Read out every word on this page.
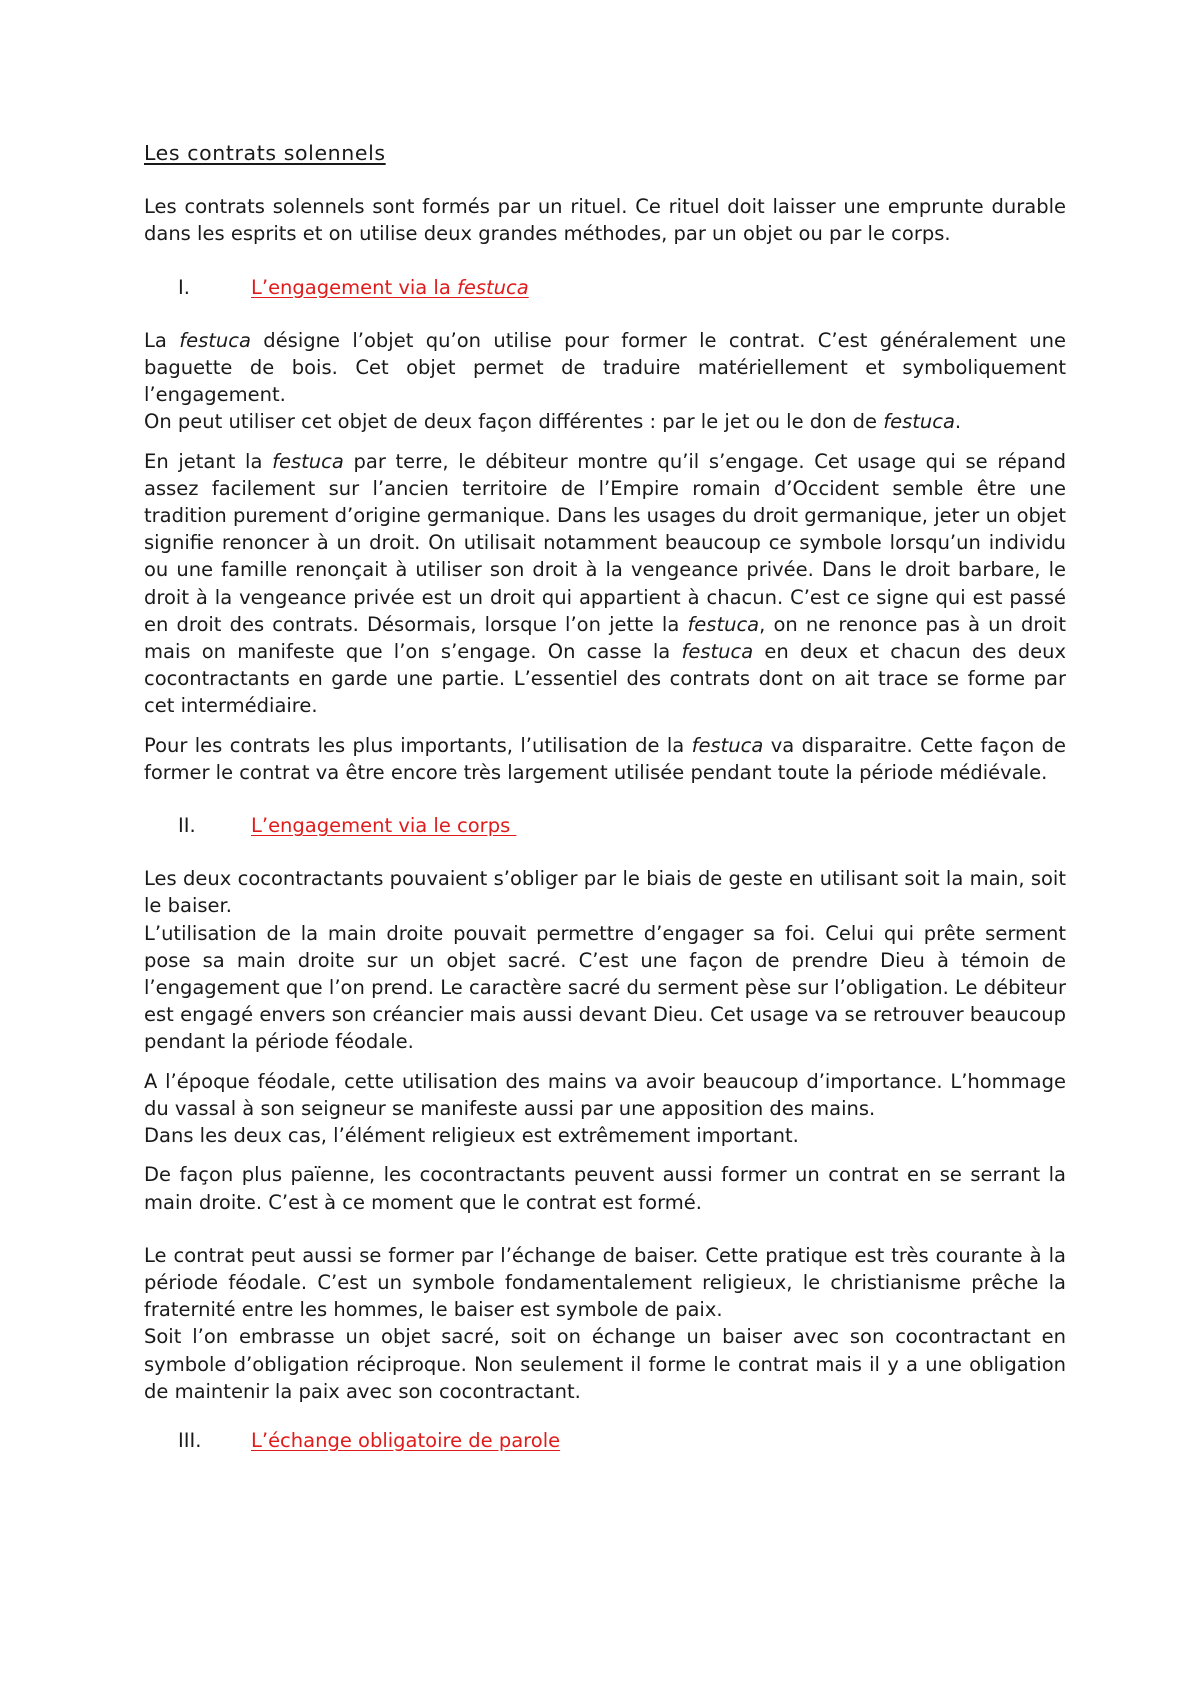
Les contrats solennels

Les contrats solennels sont formés par un rituel. Ce rituel doit laisser une emprunte durable dans les esprits et on utilise deux grandes méthodes, par un objet ou par le corps.

I.	L’engagement via la festuca

La festuca désigne l’objet qu’on utilise pour former le contrat. C’est généralement une baguette de bois. Cet objet permet de traduire matériellement et symboliquement l’engagement.

On peut utiliser cet objet de deux façon différentes : par le jet ou le don de festuca.

En jetant la festuca par terre, le débiteur montre qu’il s’engage. Cet usage qui se répand assez facilement sur l’ancien territoire de l’Empire romain d’Occident semble être une tradition purement d’origine germanique. Dans les usages du droit germanique, jeter un objet signifie renoncer à un droit. On utilisait notamment beaucoup ce symbole lorsqu’un individu ou une famille renonçait à utiliser son droit à la vengeance privée. Dans le droit barbare, le droit à la vengeance privée est un droit qui appartient à chacun. C’est ce signe qui est passé en droit des contrats. Désormais, lorsque l’on jette la festuca, on ne renonce pas à un droit mais on manifeste que l’on s’engage. On casse la festuca en deux et chacun des deux cocontractants en garde une partie. L’essentiel des contrats dont on ait trace se forme par cet intermédiaire.

Pour les contrats les plus importants, l’utilisation de la festuca va disparaitre. Cette façon de former le contrat va être encore très largement utilisée pendant toute la période médiévale.

II.	L’engagement via le corps

Les deux cocontractants pouvaient s’obliger par le biais de geste en utilisant soit la main, soit le baiser.

L’utilisation de la main droite pouvait permettre d’engager sa foi. Celui qui prête serment pose sa main droite sur un objet sacré. C’est une façon de prendre Dieu à témoin de l’engagement que l’on prend. Le caractère sacré du serment pèse sur l’obligation. Le débiteur est engagé envers son créancier mais aussi devant Dieu. Cet usage va se retrouver beaucoup pendant la période féodale.

A l’époque féodale, cette utilisation des mains va avoir beaucoup d’importance. L’hommage du vassal à son seigneur se manifeste aussi par une apposition des mains.

Dans les deux cas, l’élément religieux est extrêmement important.

De façon plus païenne, les cocontractants peuvent aussi former un contrat en se serrant la main droite. C’est à ce moment que le contrat est formé.

Le contrat peut aussi se former par l’échange de baiser. Cette pratique est très courante à la période féodale. C’est un symbole fondamentalement religieux, le christianisme prêche la fraternité entre les hommes, le baiser est symbole de paix.

Soit l’on embrasse un objet sacré, soit on échange un baiser avec son cocontractant en symbole d’obligation réciproque. Non seulement il forme le contrat mais il y a une obligation de maintenir la paix avec son cocontractant.

III.	L’échange obligatoire de parole
